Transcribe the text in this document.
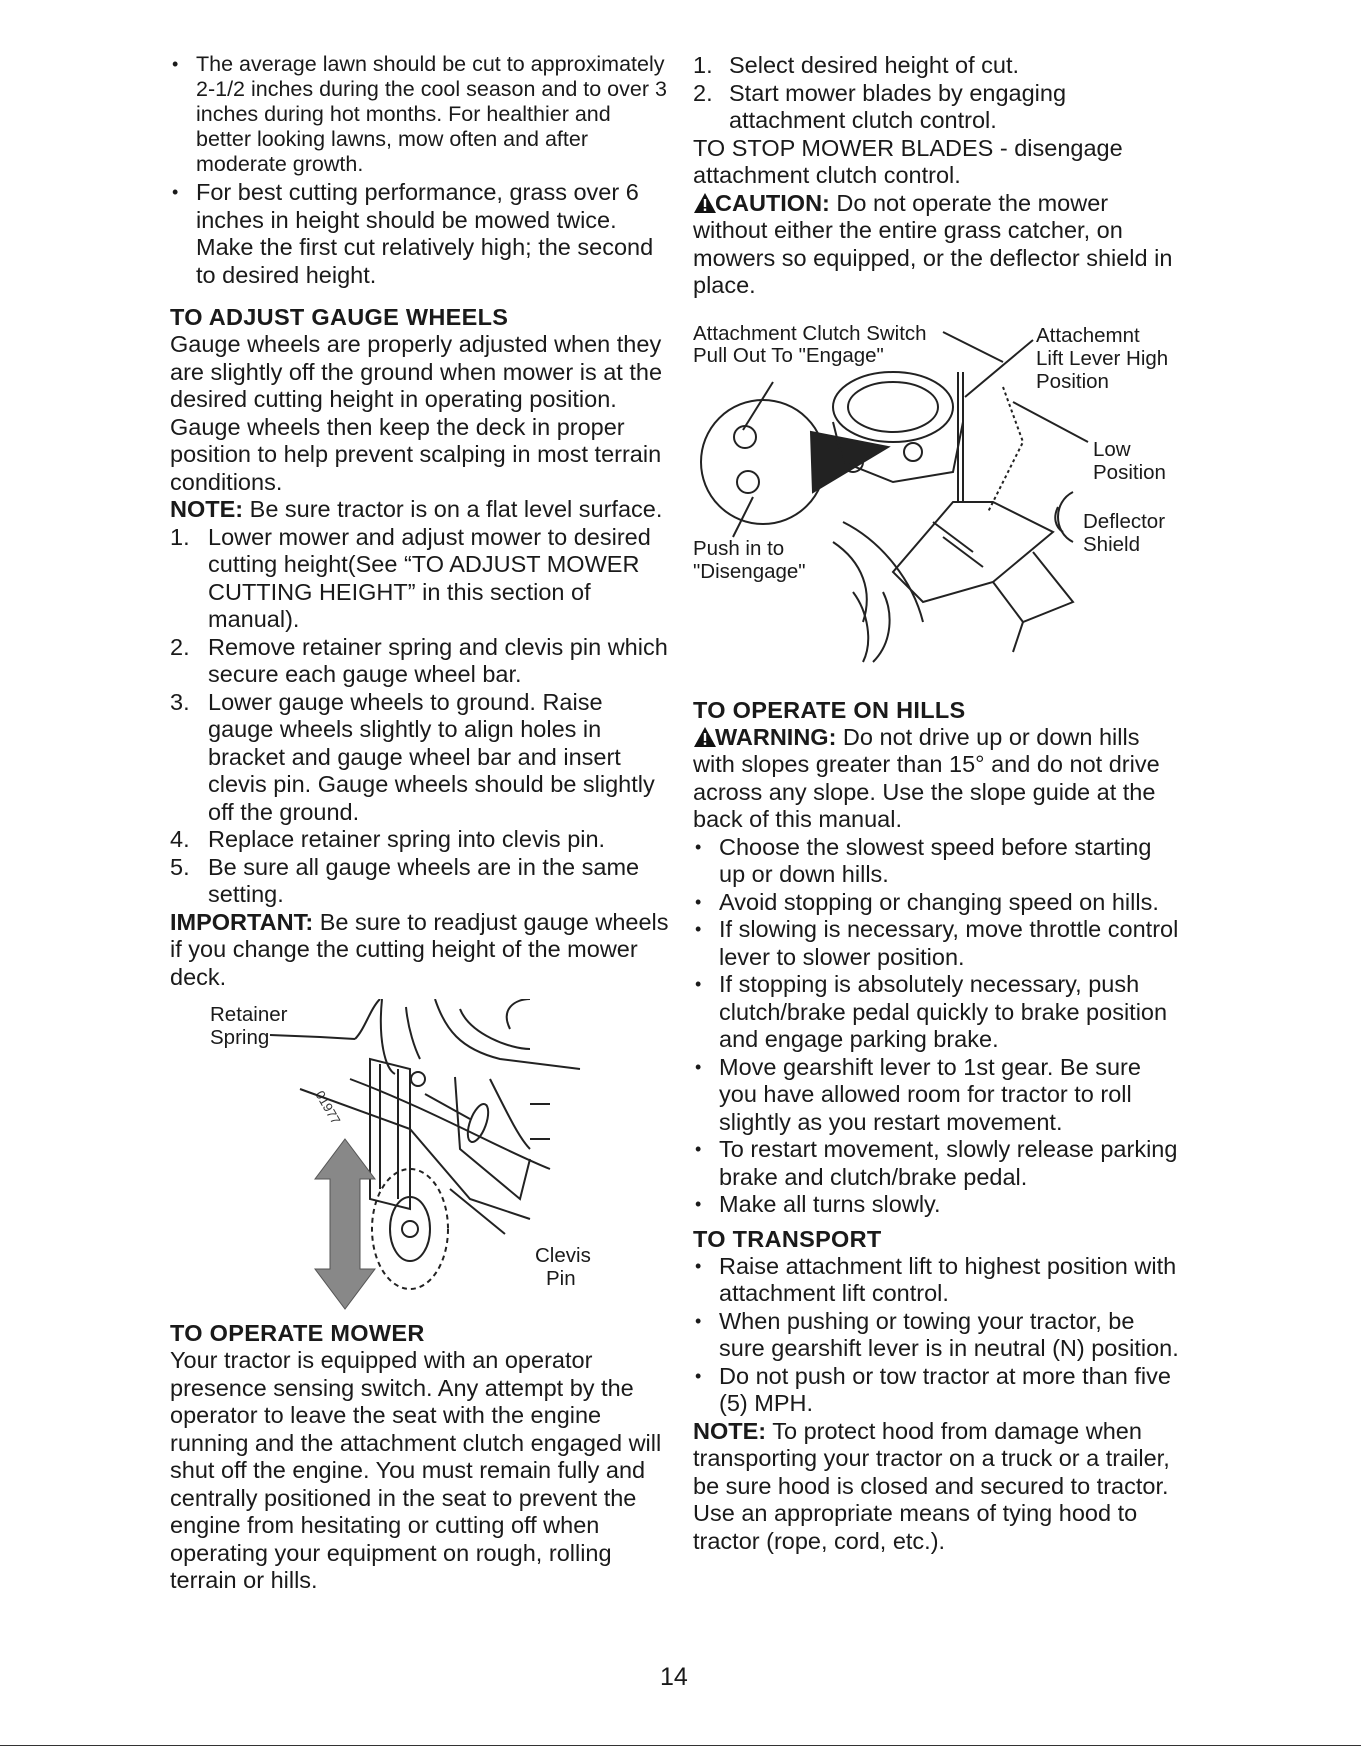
• The average lawn should be cut to approximately 2-1/2 inches during the cool season and to over 3 inches during hot months. For healthier and better looking lawns, mow often and after moderate growth.
• For best cutting performance, grass over 6 inches in height should be mowed twice. Make the first cut relatively high; the second to desired height.

TO ADJUST GAUGE WHEELS

Gauge wheels are properly adjusted when they are slightly off the ground when mower is at the desired cutting height in operating position. Gauge wheels then keep the deck in proper position to help prevent scalping in most terrain conditions.

NOTE: Be sure tractor is on a flat level surface.

1. Lower mower and adjust mower to desired cutting height(See “TO ADJUST MOWER CUTTING HEIGHT” in this section of manual).
2. Remove retainer spring and clevis pin which secure each gauge wheel bar.
3. Lower gauge wheels to ground. Raise gauge wheels slightly to align holes in bracket and gauge wheel bar and insert clevis pin. Gauge wheels should be slightly off the ground.
4. Replace retainer spring into clevis pin.
5. Be sure all gauge wheels are in the same setting.

IMPORTANT: Be sure to readjust gauge wheels if you change the cutting height of the mower deck.

Retainer
Spring
Clevis
Pin
01977

TO OPERATE MOWER

Your tractor is equipped with an operator presence sensing switch. Any attempt by the operator to leave the seat with the engine running and the attachment clutch engaged will shut off the engine. You must remain fully and centrally positioned in the seat to prevent the engine from hesitating or cutting off when operating your equipment on rough, rolling terrain or hills.

1. Select desired height of cut.
2. Start mower blades by engaging attachment clutch control.

TO STOP MOWER BLADES - disengage attachment clutch control.

CAUTION: Do not operate the mower without either the entire grass catcher, on mowers so equipped, or the deflector shield in place.

Attachment Clutch Switch
Pull Out To "Engage"
Attachemnt
Lift Lever High
Position
Low
Position
Push in to
"Disengage"
Deflector
Shield

TO OPERATE ON HILLS

WARNING: Do not drive up or down hills with slopes greater than 15° and do not drive across any slope. Use the slope guide at the back of this manual.

• Choose the slowest speed before starting up or down hills.
• Avoid stopping or changing speed on hills.
• If slowing is necessary, move throttle control lever to slower position.
• If stopping is absolutely necessary, push clutch/brake pedal quickly to brake position and engage parking brake.
• Move gearshift lever to 1st gear. Be sure you have allowed room for tractor to roll slightly as you restart movement.
• To restart movement, slowly release parking brake and clutch/brake pedal.
• Make all turns slowly.

TO TRANSPORT

• Raise attachment lift to highest position with attachment lift control.
• When pushing or towing your tractor, be sure gearshift lever is in neutral (N) position.
• Do not push or tow tractor at more than five (5) MPH.

NOTE: To protect hood from damage when transporting your tractor on a truck or a trailer, be sure hood is closed and secured to tractor. Use an appropriate means of tying hood to tractor (rope, cord, etc.).

14
